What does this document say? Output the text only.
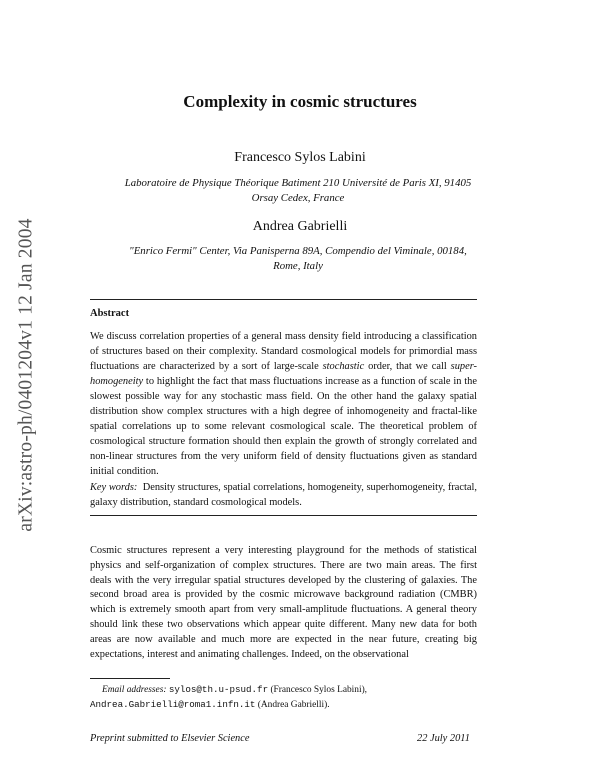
arXiv:astro-ph/0401204v1 12 Jan 2004
Complexity in cosmic structures
Francesco Sylos Labini
Laboratoire de Physique Théorique Batiment 210 Université de Paris XI, 91405
Orsay Cedex, France
Andrea Gabrielli
"Enrico Fermi" Center, Via Panisperna 89A, Compendio del Viminale, 00184,
Rome, Italy
Abstract
We discuss correlation properties of a general mass density field introducing a classification of structures based on their complexity. Standard cosmological models for primordial mass fluctuations are characterized by a sort of large-scale stochastic order, that we call super-homogeneity to highlight the fact that mass fluctuations increase as a function of scale in the slowest possible way for any stochastic mass field. On the other hand the galaxy spatial distribution show complex structures with a high degree of inhomogeneity and fractal-like spatial correlations up to some relevant cosmological scale. The theoretical problem of cosmological structure formation should then explain the growth of strongly correlated and non-linear structures from the very uniform field of density fluctuations given as standard initial condition.
Key words: Density structures, spatial correlations, homogeneity, superhomogeneity, fractal, galaxy distribution, standard cosmological models.
Cosmic structures represent a very interesting playground for the methods of statistical physics and self-organization of complex structures. There are two main areas. The first deals with the very irregular spatial structures developed by the clustering of galaxies. The second broad area is provided by the cosmic microwave background radiation (CMBR) which is extremely smooth apart from very small-amplitude fluctuations. A general theory should link these two observations which appear quite different. Many new data for both areas are now available and much more are expected in the near future, creating big expectations, interest and animating challenges. Indeed, on the observational
Email addresses: sylos@th.u-psud.fr (Francesco Sylos Labini),
Andrea.Gabrielli@roma1.infn.it (Andrea Gabrielli).
Preprint submitted to Elsevier Science	22 July 2011
